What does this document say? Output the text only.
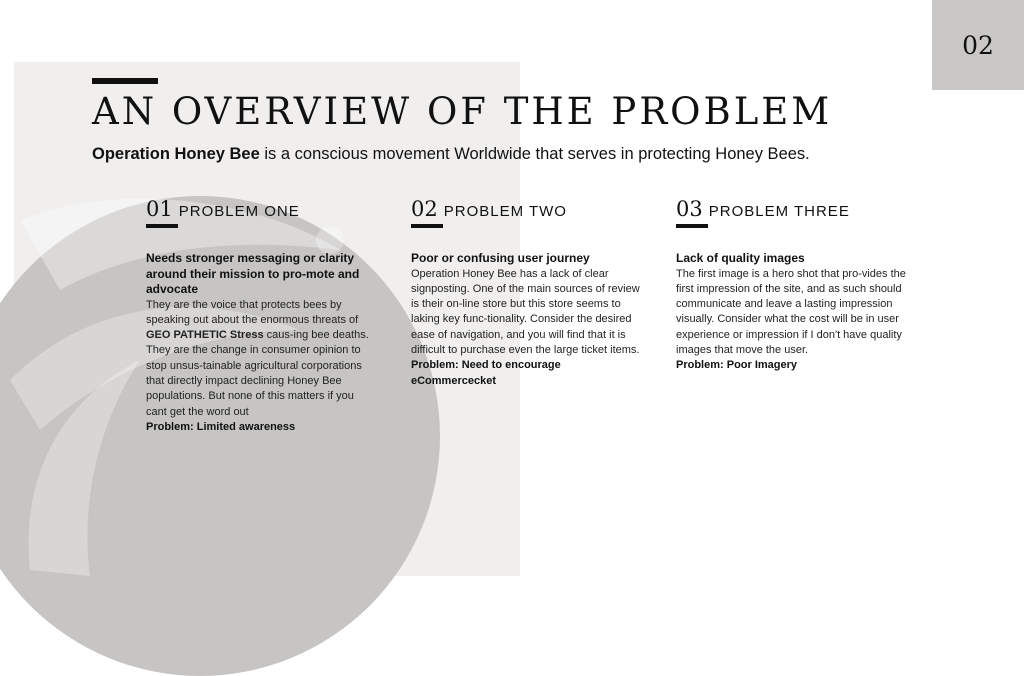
02
AN OVERVIEW OF THE PROBLEM

Operation Honey Bee is a conscious movement Worldwide that serves in protecting Honey Bees.

01 PROBLEM ONE
Needs stronger messaging or clarity around their mission to pro-mote and advocate
They are the voice that protects bees by speaking out about the enormous threats of GEO PATHETIC Stress caus-ing bee deaths. They are the change in consumer opinion to stop unsus-tainable agricultural corporations that directly impact declining Honey Bee populations. But none of this matters if you cant get the word out
Problem: Limited awareness
02 PROBLEM TWO
Poor or confusing user journey
Operation Honey Bee has a lack of clear signposting. One of the main sources of review is their on-line store but this store seems to laking key func-tionality. Consider the desired ease of navigation, and you will find that it is difficult to purchase even the large ticket items.
Problem: Need to encourage eCommercecket
03 PROBLEM THREE
Lack of quality images
The first image is a hero shot that pro-vides the first impression of the site, and as such should communicate and leave a lasting impression visually. Consider what the cost will be in user experience or impression if I don't have quality images that move the user.
Problem: Poor Imagery
